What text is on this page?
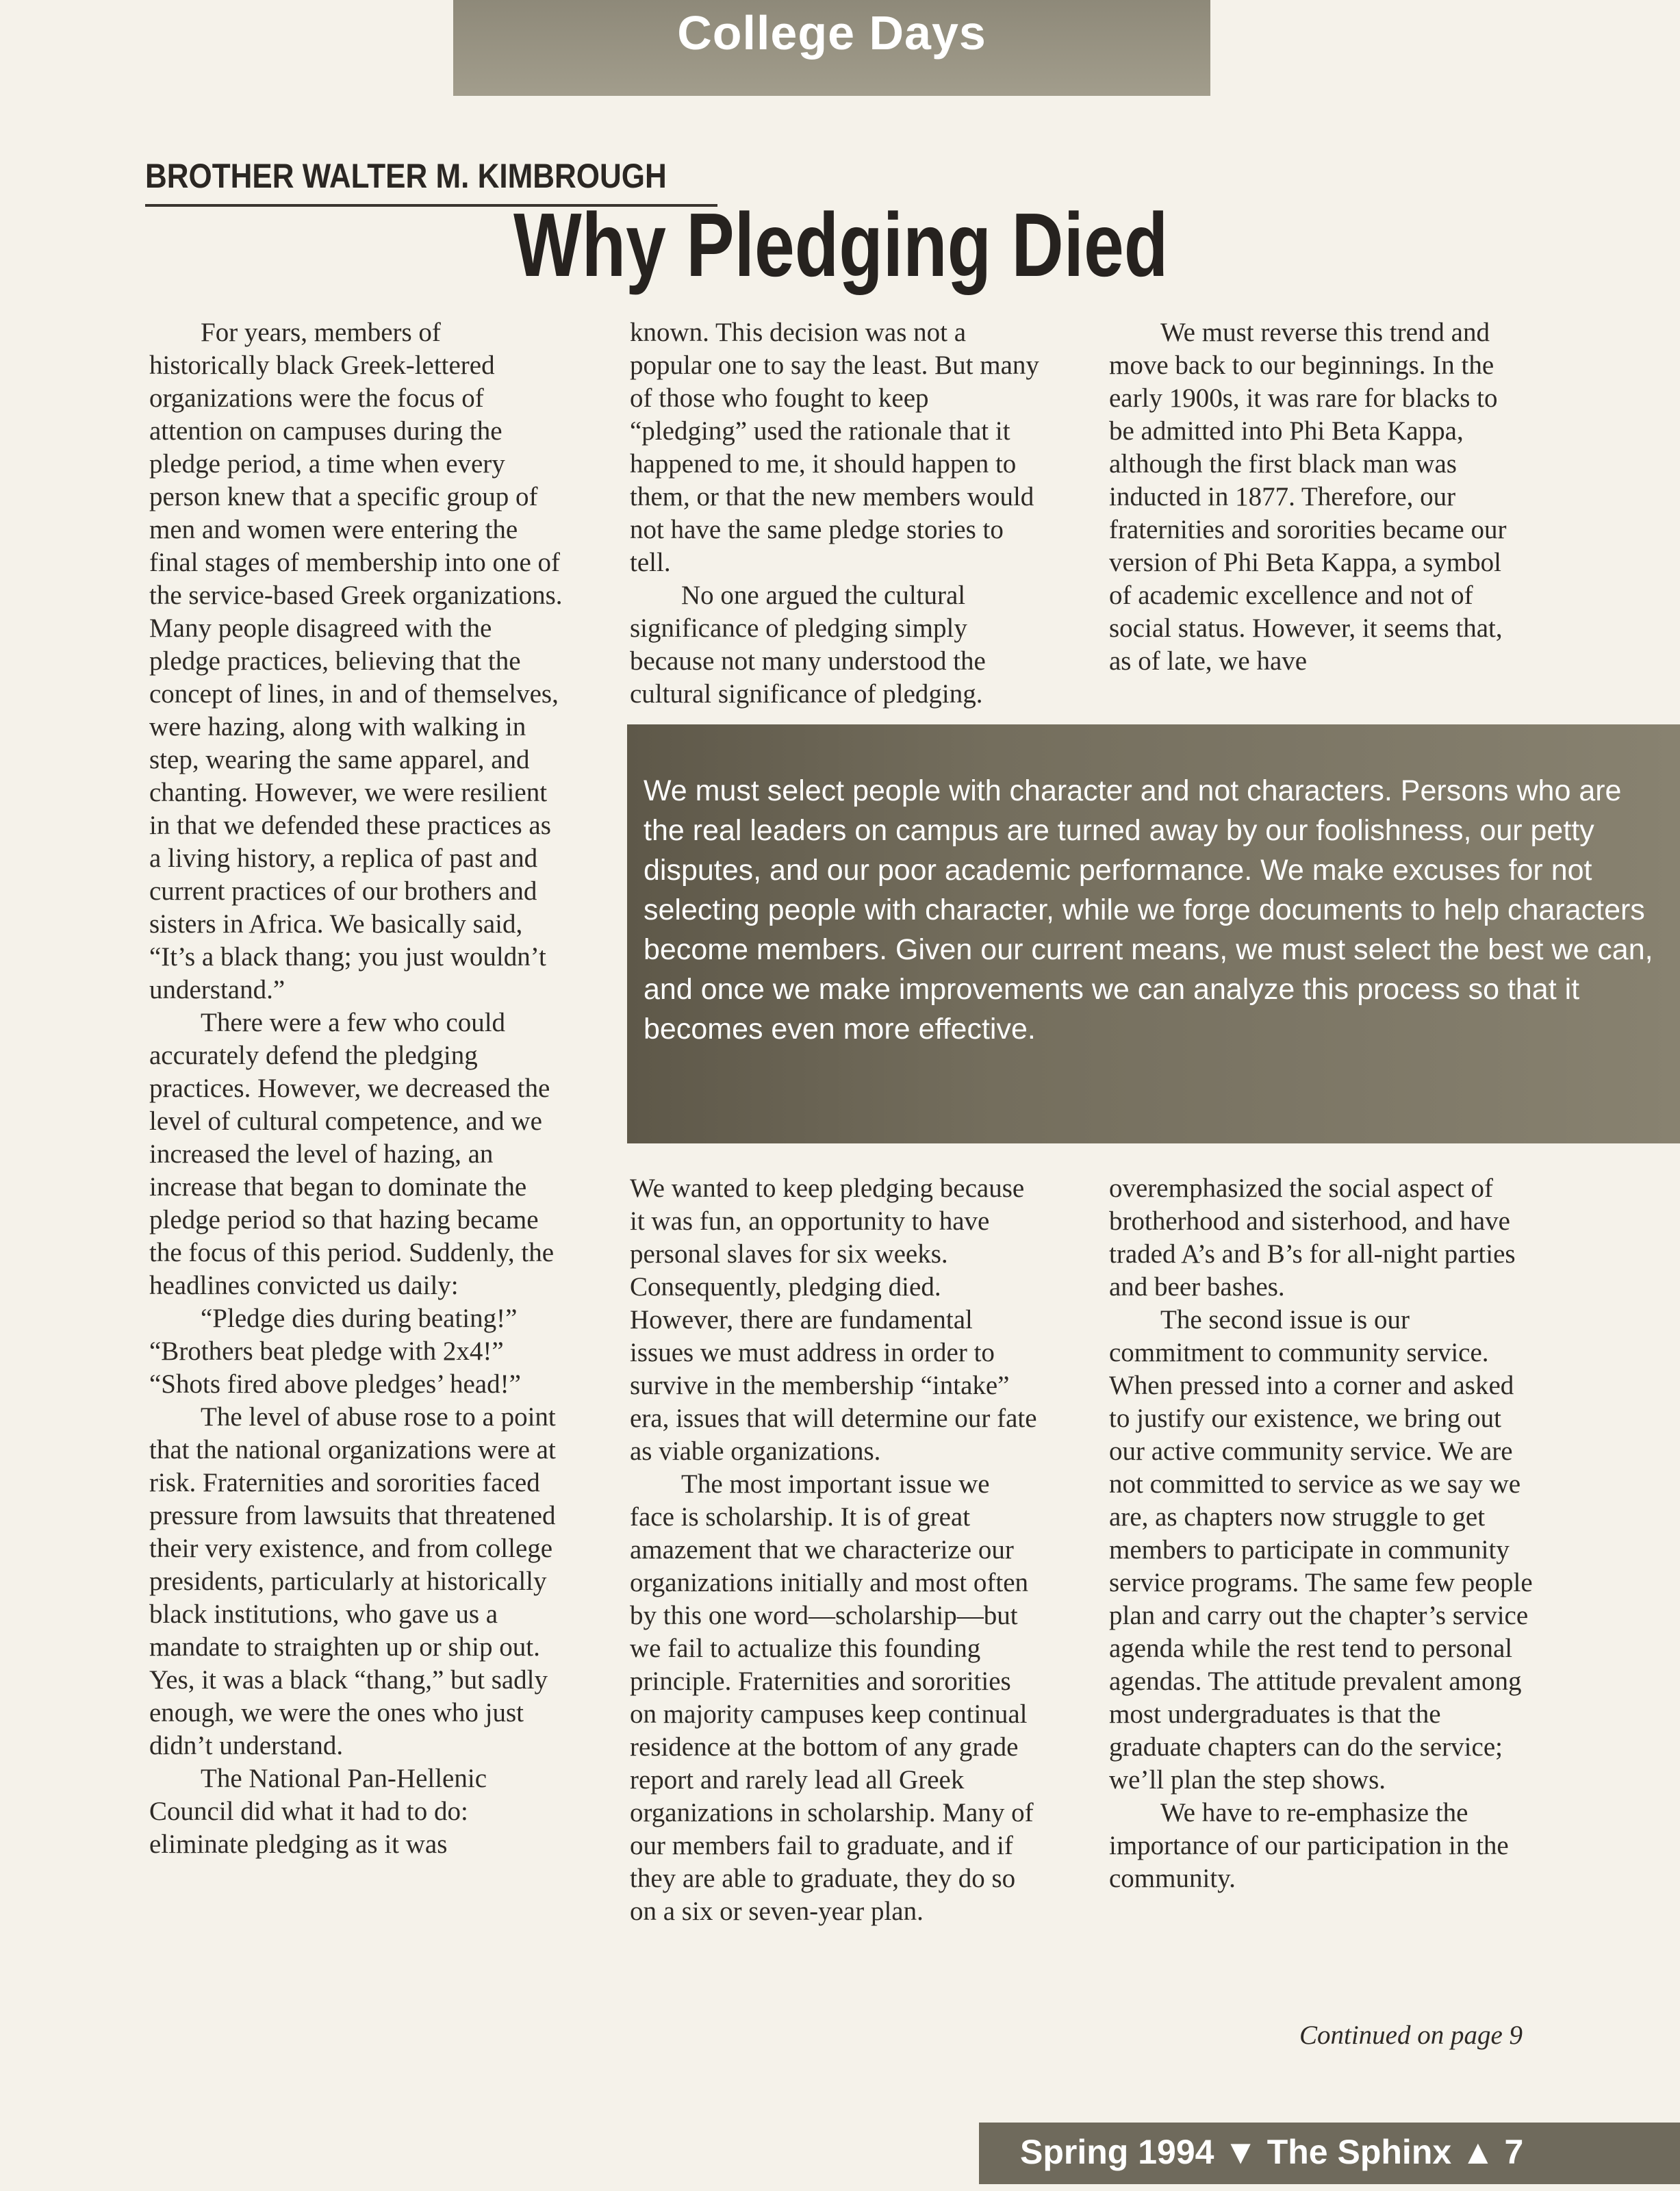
College Days
BROTHER WALTER M. KIMBROUGH
Why Pledging Died

For years, members of historically black Greek-lettered organizations were the focus of attention on campuses during the pledge period, a time when every person knew that a specific group of men and women were entering the final stages of membership into one of the service-based Greek organizations. Many people disagreed with the pledge practices, believing that the concept of lines, in and of themselves, were hazing, along with walking in step, wearing the same apparel, and chanting. However, we were resilient in that we defended these practices as a living history, a replica of past and current practices of our brothers and sisters in Africa. We basically said, “It’s a black thang; you just wouldn’t understand.”

There were a few who could accurately defend the pledging practices. However, we decreased the level of cultural competence, and we increased the level of hazing, an increase that began to dominate the pledge period so that hazing became the focus of this period. Suddenly, the headlines convicted us daily:

“Pledge dies during beating!”

“Brothers beat pledge with 2x4!”

“Shots fired above pledges’ head!”

The level of abuse rose to a point that the national organizations were at risk. Fraternities and sororities faced pressure from lawsuits that threatened their very existence, and from college presidents, particularly at historically black institutions, who gave us a mandate to straighten up or ship out. Yes, it was a black “thang,” but sadly enough, we were the ones who just didn’t understand.

The National Pan-Hellenic Council did what it had to do: eliminate pledging as it was

known. This decision was not a popular one to say the least. But many of those who fought to keep “pledging” used the rationale that it happened to me, it should happen to them, or that the new members would not have the same pledge stories to tell.

No one argued the cultural significance of pledging simply because not many understood the cultural significance of pledging.

We must reverse this trend and move back to our beginnings. In the early 1900s, it was rare for blacks to be admitted into Phi Beta Kappa, although the first black man was inducted in 1877. Therefore, our fraternities and sororities became our version of Phi Beta Kappa, a symbol of academic excellence and not of social status. However, it seems that, as of late, we have

We must select people with character and not characters. Persons who are the real leaders on campus are turned away by our foolishness, our petty disputes, and our poor academic performance. We make excuses for not selecting people with character, while we forge documents to help characters become members. Given our current means, we must select the best we can, and once we make improvements we can analyze this process so that it becomes even more effective.

We wanted to keep pledging because it was fun, an opportunity to have personal slaves for six weeks. Consequently, pledging died. However, there are fundamental issues we must address in order to survive in the membership “intake” era, issues that will determine our fate as viable organizations.

The most important issue we face is scholarship. It is of great amazement that we characterize our organizations initially and most often by this one word—scholarship—but we fail to actualize this founding principle. Fraternities and sororities on majority campuses keep continual residence at the bottom of any grade report and rarely lead all Greek organizations in scholarship. Many of our members fail to graduate, and if they are able to graduate, they do so on a six or seven-year plan.

overemphasized the social aspect of brotherhood and sisterhood, and have traded A’s and B’s for all-night parties and beer bashes.

The second issue is our commitment to community service. When pressed into a corner and asked to justify our existence, we bring out our active community service. We are not committed to service as we say we are, as chapters now struggle to get members to participate in community service programs. The same few people plan and carry out the chapter’s service agenda while the rest tend to personal agendas. The attitude prevalent among most undergraduates is that the graduate chapters can do the service; we’ll plan the step shows.

We have to re-emphasize the importance of our participation in the community.

Continued on page 9
Spring 1994 ▼ The Sphinx ▲ 7
